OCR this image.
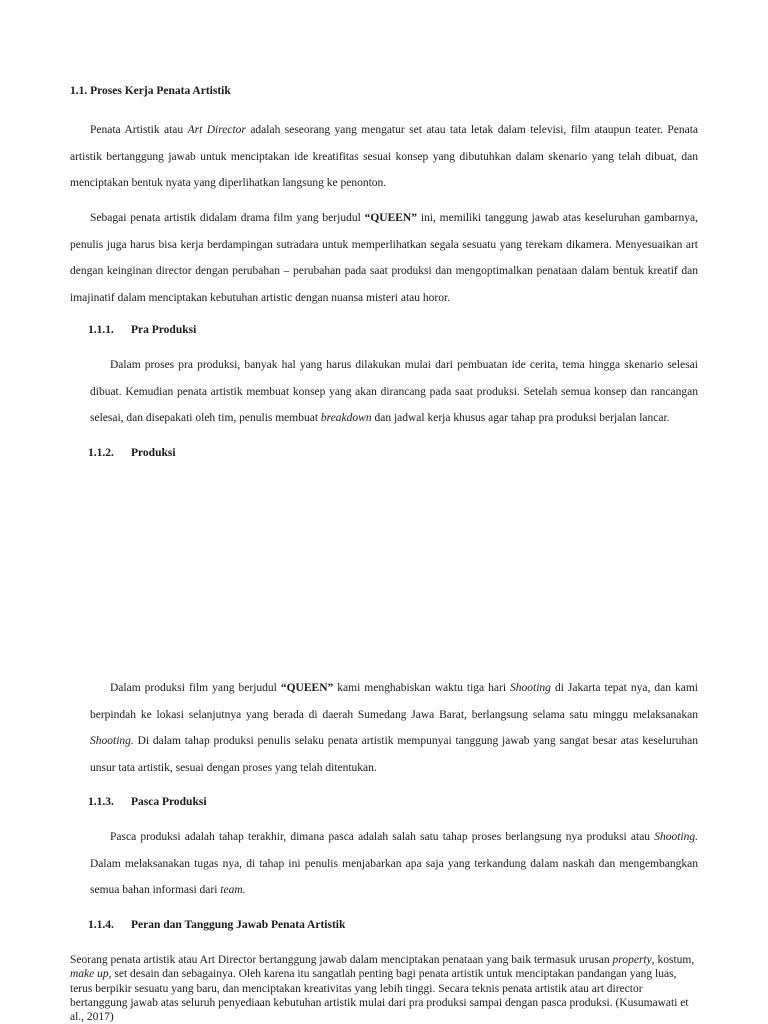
1.1. Proses Kerja Penata Artistik

Penata Artistik atau Art Director adalah seseorang yang mengatur set atau tata letak dalam televisi, film ataupun teater. Penata artistik bertanggung jawab untuk menciptakan ide kreatifitas sesuai konsep yang dibutuhkan dalam skenario yang telah dibuat, dan menciptakan bentuk nyata yang diperlihatkan langsung ke penonton.

Sebagai penata artistik didalam drama film yang berjudul “QUEEN” ini, memiliki tanggung jawab atas keseluruhan gambarnya, penulis juga harus bisa kerja berdampingan sutradara untuk memperlihatkan segala sesuatu yang terekam dikamera. Menyesuaikan art dengan keinginan director dengan perubahan – perubahan pada saat produksi dan mengoptimalkan penataan dalam bentuk kreatif dan imajinatif dalam menciptakan kebutuhan artistic dengan nuansa misteri atau horor.

1.1.1. Pra Produksi

Dalam proses pra produksi, banyak hal yang harus dilakukan mulai dari pembuatan ide cerita, tema hingga skenario selesai dibuat. Kemudian penata artistik membuat konsep yang akan dirancang pada saat produksi. Setelah semua konsep dan rancangan selesai, dan disepakati oleh tim, penulis membuat breakdown dan jadwal kerja khusus agar tahap pra produksi berjalan lancar.

1.1.2. Produksi

Dalam produksi film yang berjudul “QUEEN” kami menghabiskan waktu tiga hari Shooting di Jakarta tepat nya, dan kami berpindah ke lokasi selanjutnya yang berada di daerah Sumedang Jawa Barat, berlangsung selama satu minggu melaksanakan Shooting. Di dalam tahap produksi penulis selaku penata artistik mempunyai tanggung jawab yang sangat besar atas keseluruhan unsur tata artistik, sesuai dengan proses yang telah ditentukan.

1.1.3. Pasca Produksi

Pasca produksi adalah tahap terakhir, dimana pasca adalah salah satu tahap proses berlangsung nya produksi atau Shooting. Dalam melaksanakan tugas nya, di tahap ini penulis menjabarkan apa saja yang terkandung dalam naskah dan mengembangkan semua bahan informasi dari team.

1.1.4. Peran dan Tanggung Jawab Penata Artistik

Seorang penata artistik atau Art Director bertanggung jawab dalam menciptakan penataan yang baik termasuk urusan property, kostum, make up, set desain dan sebagainya. Oleh karena itu sangatlah penting bagi penata artistik untuk menciptakan pandangan yang luas, terus berpikir sesuatu yang baru, dan menciptakan kreativitas yang lebih tinggi. Secara teknis penata artistik atau art director bertanggung jawab atas seluruh penyediaan kebutuhan artistik mulai dari pra produksi sampai dengan pasca produksi. (Kusumawati et al., 2017)
